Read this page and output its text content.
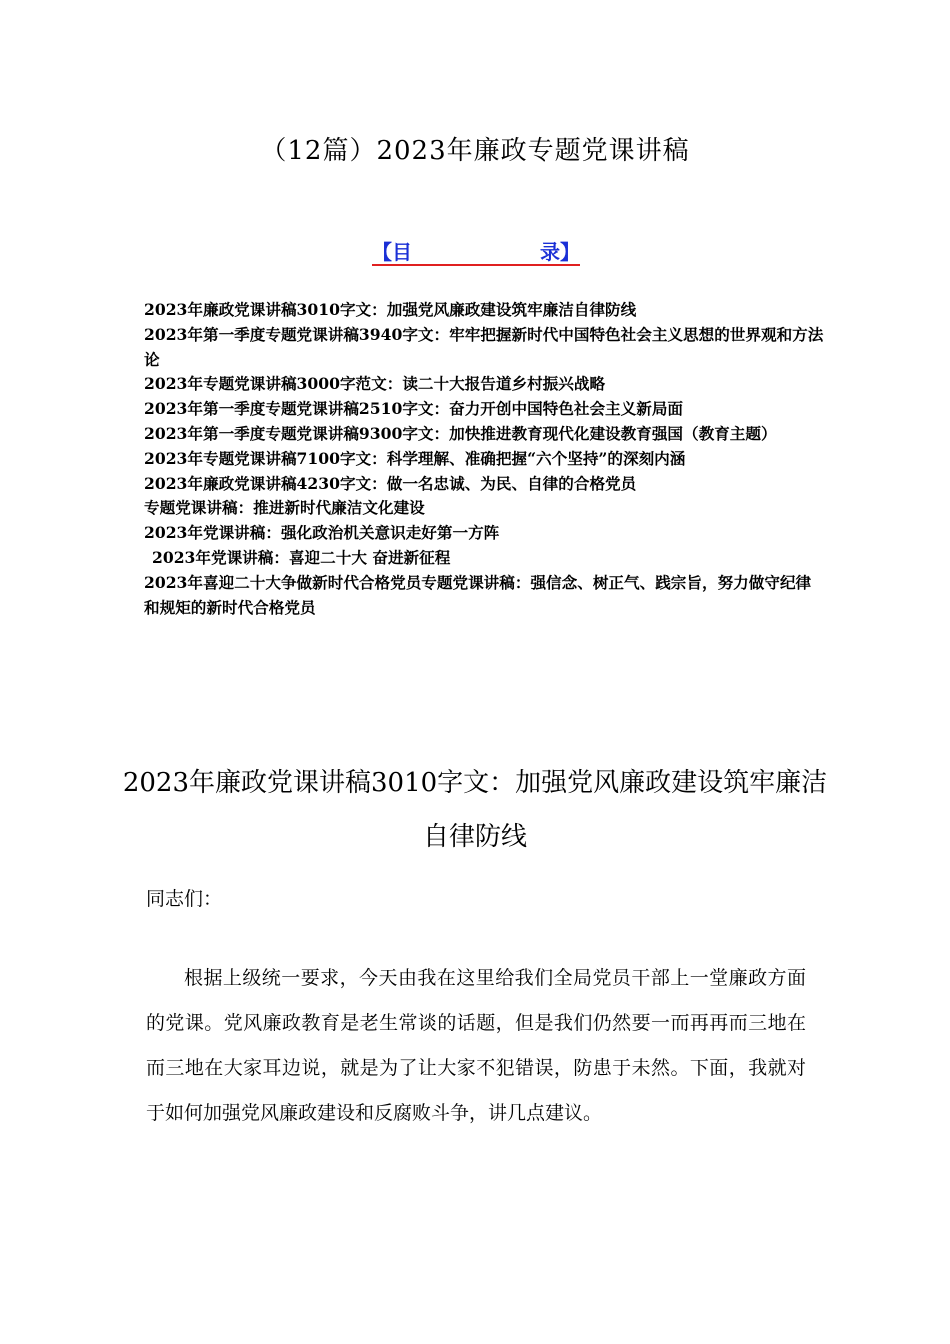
（12篇）2023年廉政专题党课讲稿
【目	录】
2023年廉政党课讲稿3010字文：加强党风廉政建设筑牢廉洁自律防线
2023年第一季度专题党课讲稿3940字文：牢牢把握新时代中国特色社会主义思想的世界观和方法论
2023年专题党课讲稿3000字范文：读二十大报告道乡村振兴战略
2023年第一季度专题党课讲稿2510字文：奋力开创中国特色社会主义新局面
2023年第一季度专题党课讲稿9300字文：加快推进教育现代化建设教育强国（教育主题）
2023年专题党课讲稿7100字文：科学理解、准确把握“六个坚持”的深刻内涵
2023年廉政党课讲稿4230字文：做一名忠诚、为民、自律的合格党员
专题党课讲稿：推进新时代廉洁文化建设
2023年党课讲稿：强化政治机关意识走好第一方阵
2023年党课讲稿：喜迎二十大 奋进新征程
2023年喜迎二十大争做新时代合格党员专题党课讲稿：强信念、树正气、践宗旨，努力做守纪律和规矩的新时代合格党员
2023年廉政党课讲稿3010字文：加强党风廉政建设筑牢廉洁自律防线
同志们：
根据上级统一要求，今天由我在这里给我们全局党员干部上一堂廉政方面的党课。党风廉政教育是老生常谈的话题，但是我们仍然要一而再再而三地在而三地在大家耳边说，就是为了让大家不犯错误，防患于未然。下面，我就对于如何加强党风廉政建设和反腐败斗争，讲几点建议。
